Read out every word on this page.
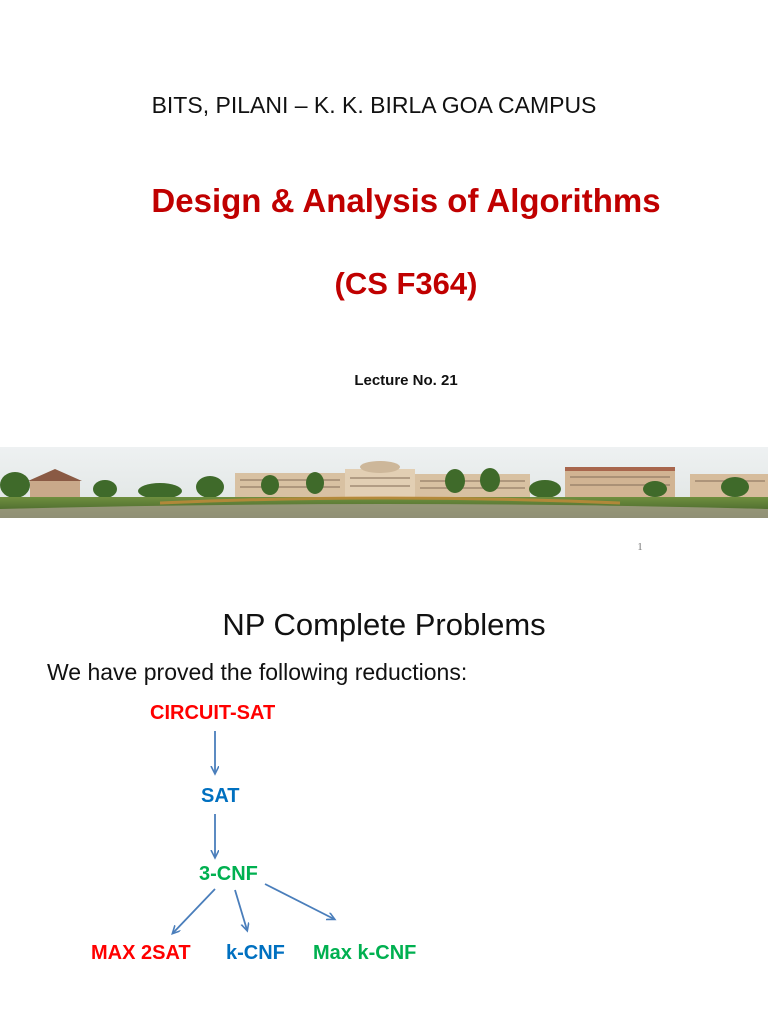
BITS, PILANI – K. K. BIRLA GOA CAMPUS
Design & Analysis of Algorithms
(CS F364)
Lecture No. 21
1
NP Complete Problems
We have proved the following reductions:
CIRCUIT-SAT
SAT
3-CNF
MAX 2SAT k-CNF Max k-CNF
